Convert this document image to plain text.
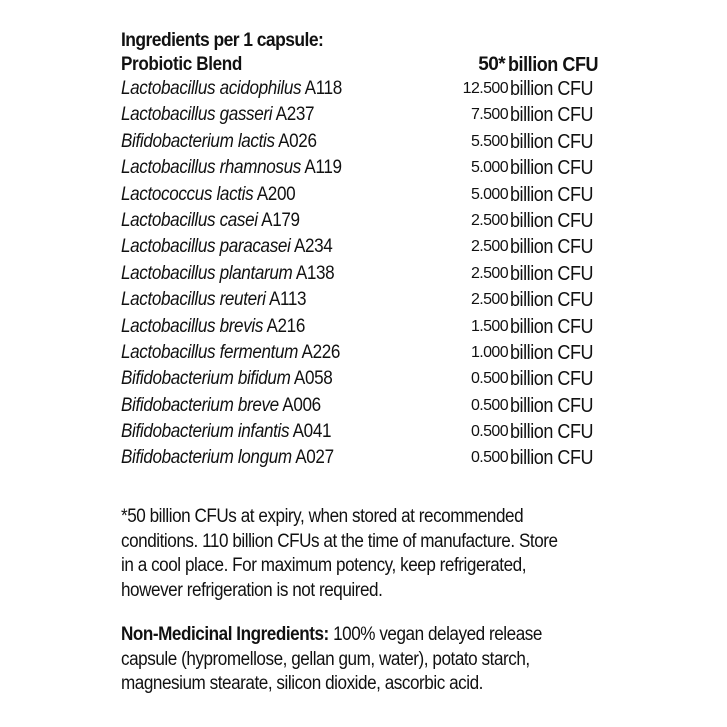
Ingredients per 1 capsule:
Probiotic Blend	50* billion CFU
Lactobacillus acidophilus A118	12.500 billion CFU
Lactobacillus gasseri A237	7.500 billion CFU
Bifidobacterium lactis A026	5.500 billion CFU
Lactobacillus rhamnosus A119	5.000 billion CFU
Lactococcus lactis A200	5.000 billion CFU
Lactobacillus casei A179	2.500 billion CFU
Lactobacillus paracasei A234	2.500 billion CFU
Lactobacillus plantarum A138	2.500 billion CFU
Lactobacillus reuteri A113	2.500 billion CFU
Lactobacillus brevis A216	1.500 billion CFU
Lactobacillus fermentum A226	1.000 billion CFU
Bifidobacterium bifidum A058	0.500 billion CFU
Bifidobacterium breve A006	0.500 billion CFU
Bifidobacterium infantis A041	0.500 billion CFU
Bifidobacterium longum A027	0.500 billion CFU
*50 billion CFUs at expiry, when stored at recommended
conditions. 110 billion CFUs at the time of manufacture. Store
in a cool place. For maximum potency, keep refrigerated,
however refrigeration is not required.
Non-Medicinal Ingredients: 100% vegan delayed release
capsule (hypromellose, gellan gum, water), potato starch,
magnesium stearate, silicon dioxide, ascorbic acid.
